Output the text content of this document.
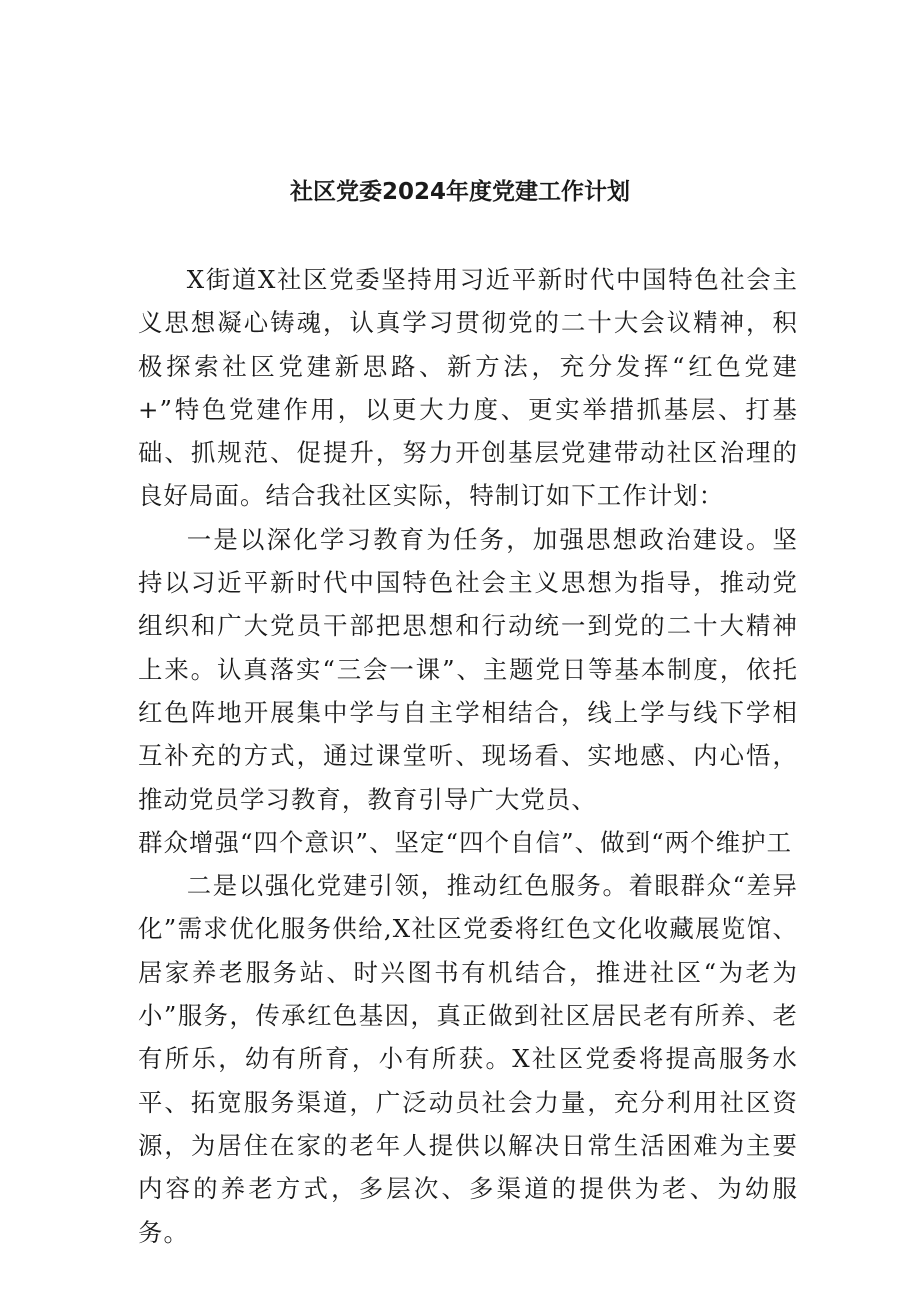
社区党委2024年度党建工作计划

X街道X社区党委坚持用习近平新时代中国特色社会主义思想凝心铸魂，认真学习贯彻党的二十大会议精神，积极探索社区党建新思路、新方法，充分发挥“红色党建+”特色党建作用，以更大力度、更实举措抓基层、打基础、抓规范、促提升，努力开创基层党建带动社区治理的良好局面。结合我社区实际，特制订如下工作计划：

一是以深化学习教育为任务，加强思想政治建设。坚持以习近平新时代中国特色社会主义思想为指导，推动党组织和广大党员干部把思想和行动统一到党的二十大精神上来。认真落实“三会一课”、主题党日等基本制度，依托红色阵地开展集中学与自主学相结合，线上学与线下学相互补充的方式，通过课堂听、现场看、实地感、内心悟，推动党员学习教育，教育引导广大党员、

群众增强“四个意识”、坚定“四个自信”、做到“两个维护工

二是以强化党建引领，推动红色服务。着眼群众“差异化”需求优化服务供给,X社区党委将红色文化收藏展览馆、居家养老服务站、时兴图书有机结合，推进社区“为老为小”服务，传承红色基因，真正做到社区居民老有所养、老有所乐，幼有所育，小有所获。X社区党委将提高服务水平、拓宽服务渠道，广泛动员社会力量，充分利用社区资源，为居住在家的老年人提供以解决日常生活困难为主要内容的养老方式，多层次、多渠道的提供为老、为幼服务。
